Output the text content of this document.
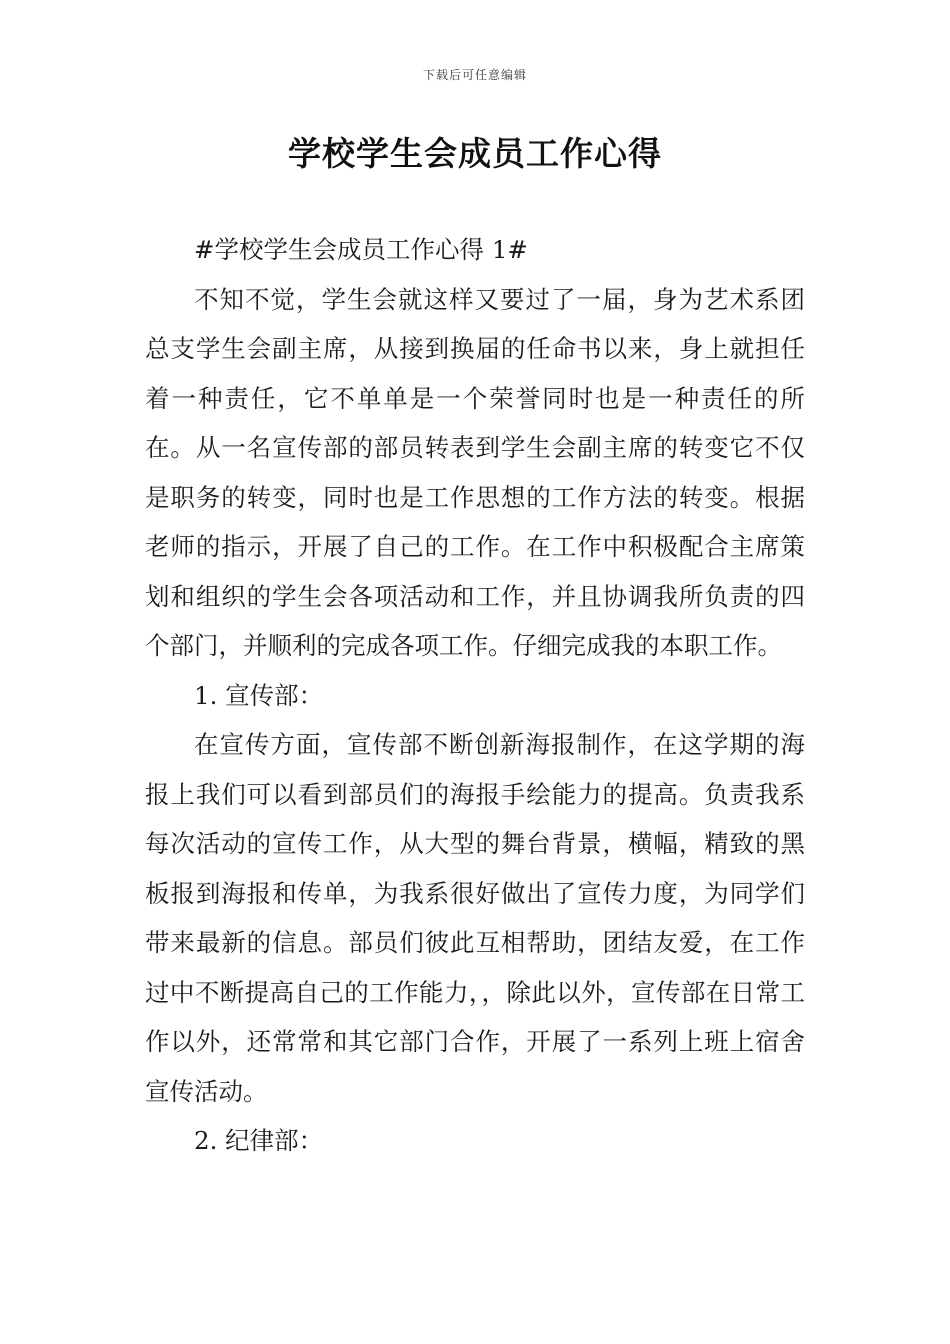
下载后可任意编辑
学校学生会成员工作心得

#学校学生会成员工作心得 1#

不知不觉，学生会就这样又要过了一届，身为艺术系团总支学生会副主席，从接到换届的任命书以来，身上就担任着一种责任，它不单单是一个荣誉同时也是一种责任的所在。从一名宣传部的部员转表到学生会副主席的转变它不仅是职务的转变，同时也是工作思想的工作方法的转变。根据老师的指示，开展了自己的工作。在工作中积极配合主席策划和组织的学生会各项活动和工作，并且协调我所负责的四个部门，并顺利的完成各项工作。仔细完成我的本职工作。

1. 宣传部：

在宣传方面，宣传部不断创新海报制作，在这学期的海报上我们可以看到部员们的海报手绘能力的提高。负责我系每次活动的宣传工作，从大型的舞台背景，横幅，精致的黑板报到海报和传单，为我系很好做出了宣传力度，为同学们带来最新的信息。部员们彼此互相帮助，团结友爱，在工作过中不断提高自己的工作能力，，除此以外，宣传部在日常工作以外，还常常和其它部门合作，开展了一系列上班上宿舍宣传活动。

2. 纪律部：
